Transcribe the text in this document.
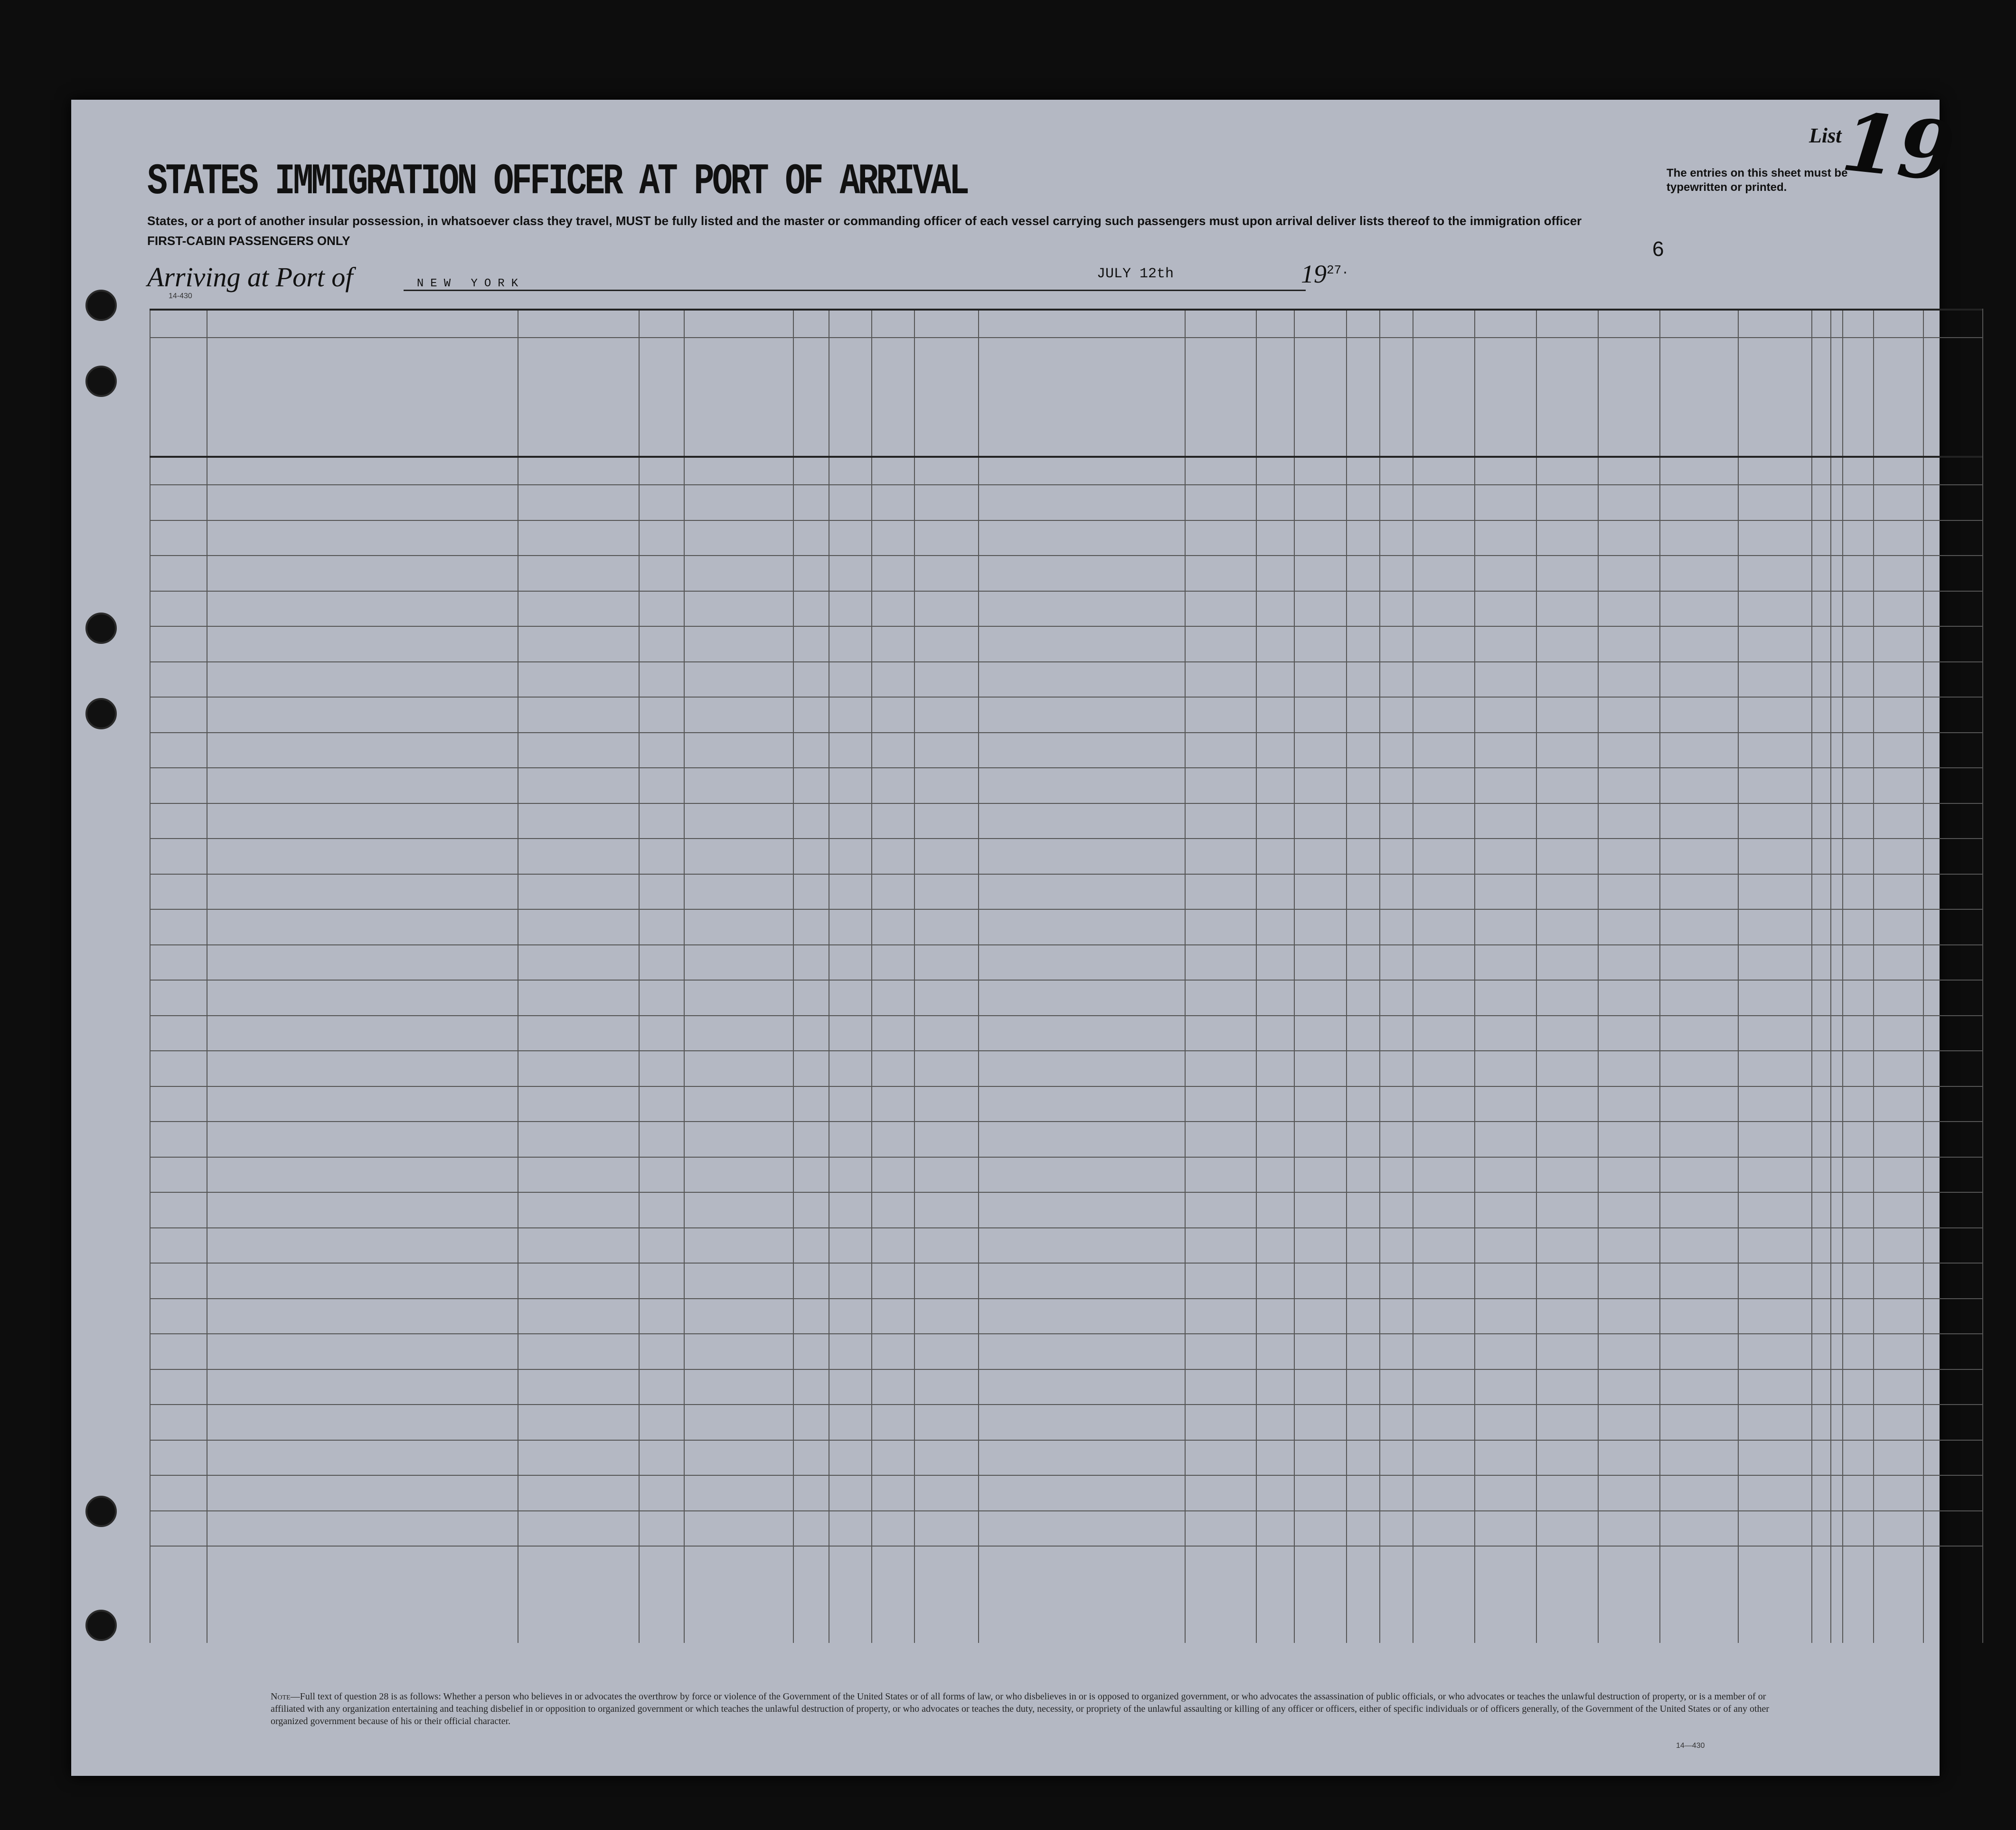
List
19
The entries on this sheet must be typewritten or printed.
6
STATES IMMIGRATION OFFICER AT PORT OF ARRIVAL
States, or a port of another insular possession, in whatsoever class they travel, MUST be fully listed and the master or commanding officer of each vessel carrying such passengers must upon arrival deliver lists thereof to the immigration officer
FIRST-CABIN PASSENGERS ONLY
Arriving at Port of	NEW YORK
JULY 12th	$19^{27.}$
14-430
Note—Full text of question 28 is as follows: Whether a person who believes in or advocates the overthrow by force or violence of the Government of the United States or of all forms of law, or who disbelieves in or is opposed to organized government, or who advocates the assassination of public officials, or who advocates or teaches the unlawful destruction of property, or is a member of or affiliated with any organization entertaining and teaching disbelief in or opposition to organized government or which teaches the unlawful destruction of property, or who advocates or teaches the duty, necessity, or propriety of the unlawful assaulting or killing of any officer or officers, either of specific individuals or of officers generally, of the Government of the United States or of any other organized government because of his or their official character.
14—430
